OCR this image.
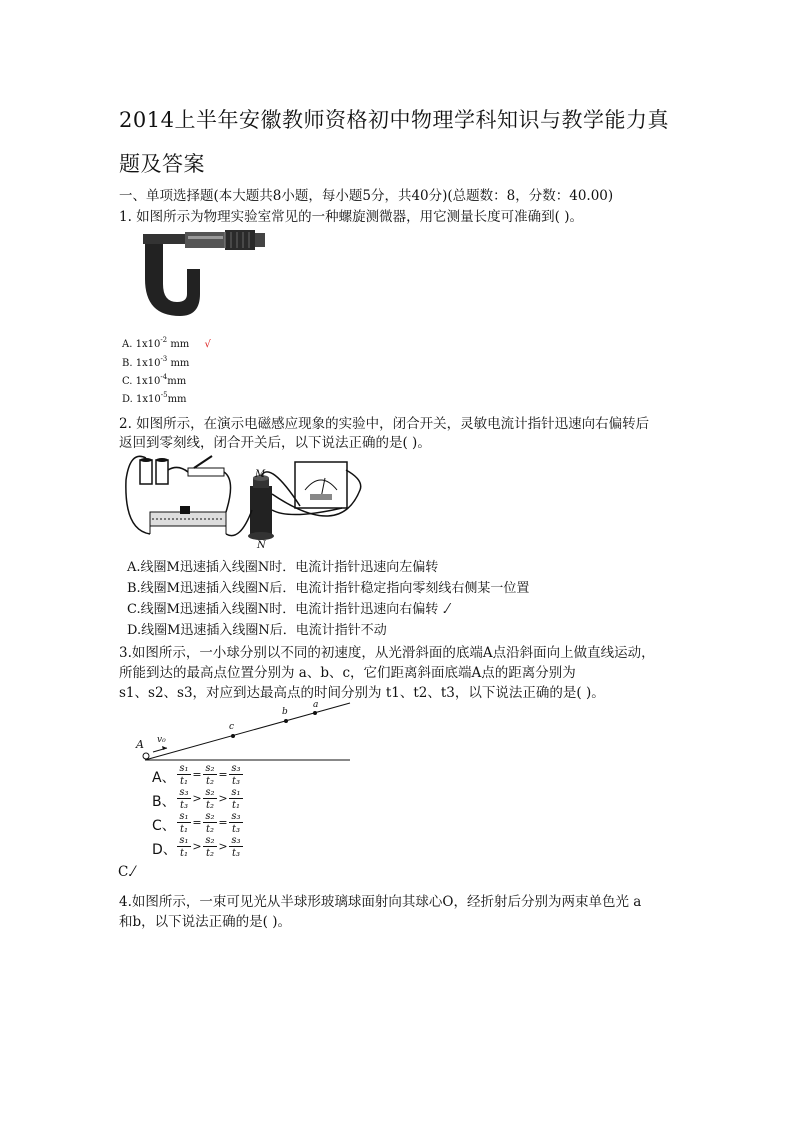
2014上半年安徽教师资格初中物理学科知识与教学能力真
题及答案
一、单项选择题(本大题共8小题，每小题5分，共40分)(总题数：8，分数：40.00)
1. 如图所示为物理实验室常见的一种螺旋测微器，用它测量长度可准确到( )。
A. $1x10^{-2}$ mm √
B. $1x10^{-3}$ mm
C. $1x10^{-4}mm$
D. $1x10^{-5}mm$
2. 如图所示，在演示电磁感应现象的实验中，闭合开关，灵敏电流计指针迅速向右偏转后
返回到零刻线，闭合开关后，以下说法正确的是( )。
M
N
A.线圈M迅速插入线圈N时．电流计指针迅速向左偏转
B.线圈M迅速插入线圈N后．电流计指针稳定指向零刻线右侧某一位置
C.线圈M迅速插入线圈N时．电流计指针迅速向右偏转 .⁄
D.线圈M迅速插入线圈N后．电流计指针不动
3.如图所示，一小球分别以不同的初速度，从光滑斜面的底端A点沿斜面向上做直线运动，
所能到达的最高点位置分别为 a、b、c，它们距离斜面底端A点的距离分别为
s1、s2、s3，对应到达最高点的时间分别为 t1、t2、t3，以下说法正确的是( )。
A v₀
c
b
a
A、
s₁
t₁
= s₂
t₂
= s₃
t₃
B、
s₃
t₃
> s₂
t₂
> s₁
t₁
C、
s₁
t₁
= s₂
t₂
= s₃
t₃
D、
s₁
t₁
> s₂
t₂
> s₃
t₃
C.⁄
4.如图所示，一束可见光从半球形玻璃球面射向其球心O，经折射后分别为两束单色光 a
和b，以下说法正确的是( )。
